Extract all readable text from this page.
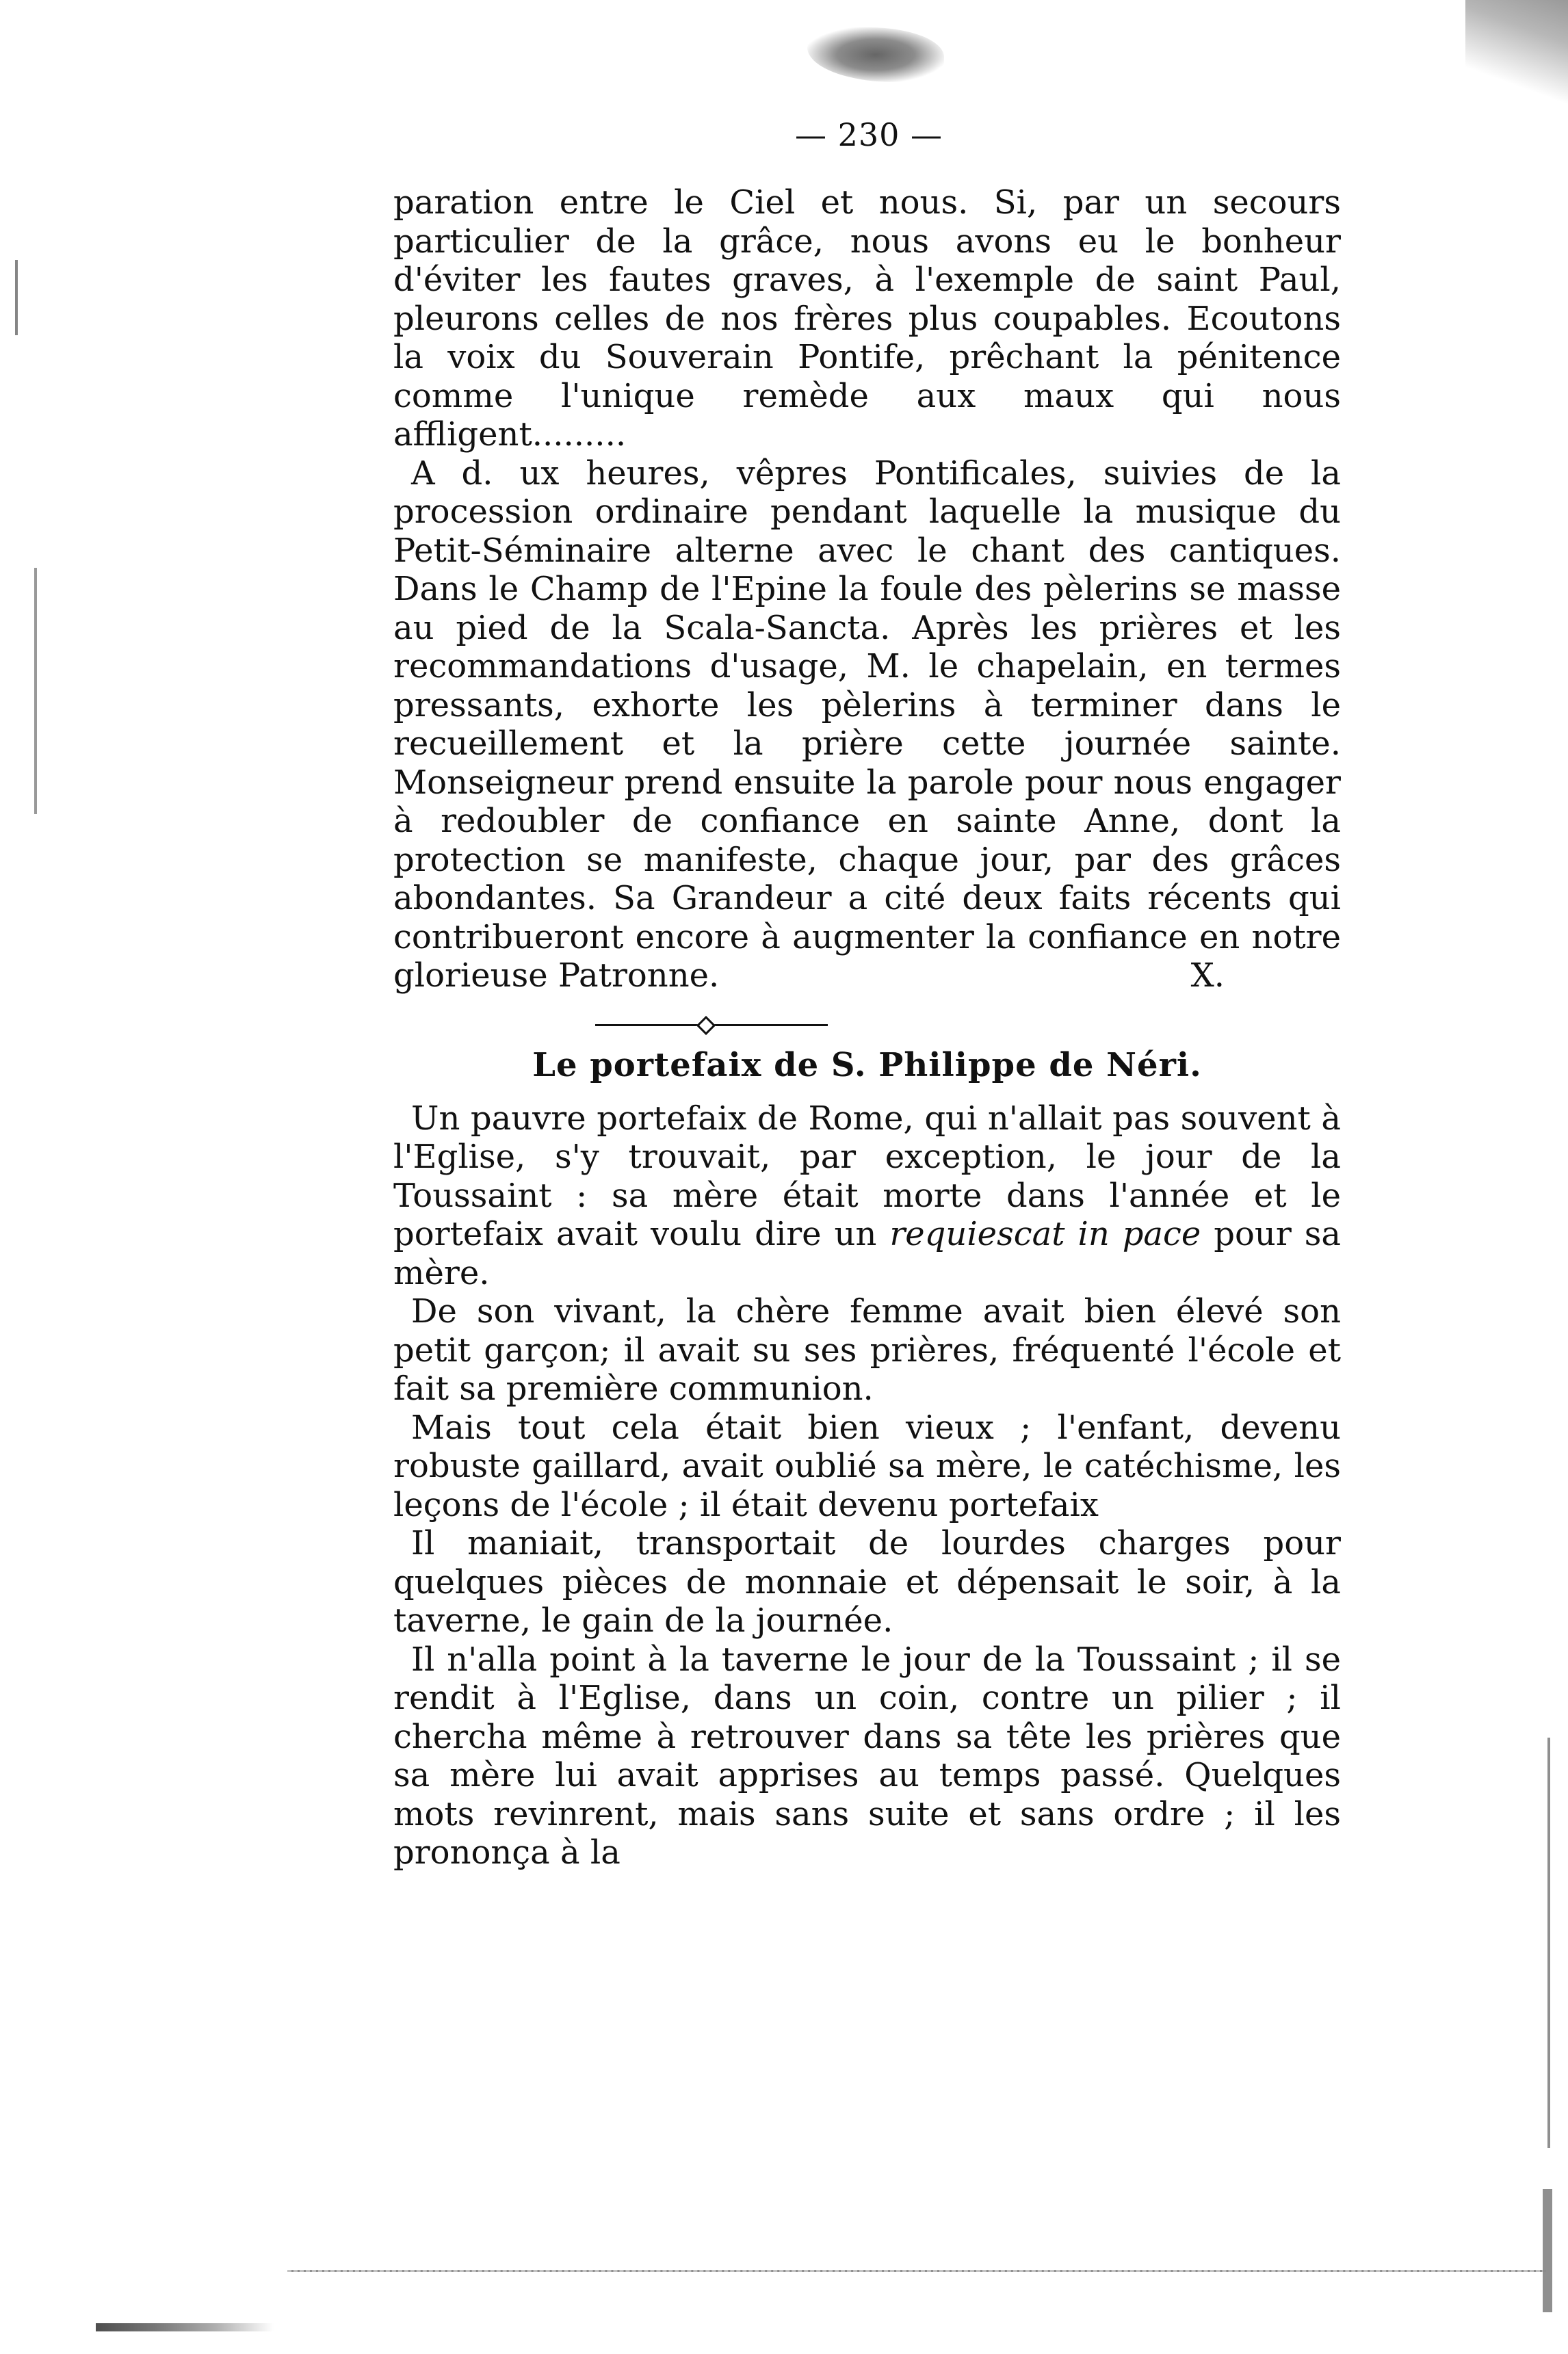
— 230 —

paration entre le Ciel et nous. Si, par un secours particulier de la grâce, nous avons eu le bonheur d'éviter les fautes graves, à l'exemple de saint Paul, pleurons celles de nos frères plus coupables. Ecoutons la voix du Souverain Pontife, prêchant la pénitence comme l'unique remède aux maux qui nous affligent.........

A d. ux heures, vêpres Pontificales, suivies de la procession ordinaire pendant laquelle la musique du Petit-Séminaire alterne avec le chant des cantiques. Dans le Champ de l'Epine la foule des pèlerins se masse au pied de la Scala-Sancta. Après les prières et les recommandations d'usage, M. le chapelain, en termes pressants, exhorte les pèlerins à terminer dans le recueillement et la prière cette journée sainte. Monseigneur prend ensuite la parole pour nous engager à redoubler de confiance en sainte Anne, dont la protection se manifeste, chaque jour, par des grâces abondantes. Sa Grandeur a cité deux faits récents qui contribueront encore à augmenter la confiance en notre glorieuse Patronne.	X.

Le portefaix de S. Philippe de Néri.

Un pauvre portefaix de Rome, qui n'allait pas souvent à l'Eglise, s'y trouvait, par exception, le jour de la Toussaint : sa mère était morte dans l'année et le portefaix avait voulu dire un requiescat in pace pour sa mère.

De son vivant, la chère femme avait bien élevé son petit garçon; il avait su ses prières, fréquenté l'école et fait sa première communion.

Mais tout cela était bien vieux ; l'enfant, devenu robuste gaillard, avait oublié sa mère, le catéchisme, les leçons de l'école ; il était devenu portefaix

Il maniait, transportait de lourdes charges pour quelques pièces de monnaie et dépensait le soir, à la taverne, le gain de la journée.

Il n'alla point à la taverne le jour de la Toussaint ; il se rendit à l'Eglise, dans un coin, contre un pilier ; il chercha même à retrouver dans sa tête les prières que sa mère lui avait apprises au temps passé. Quelques mots revinrent, mais sans suite et sans ordre ; il les prononça à la
